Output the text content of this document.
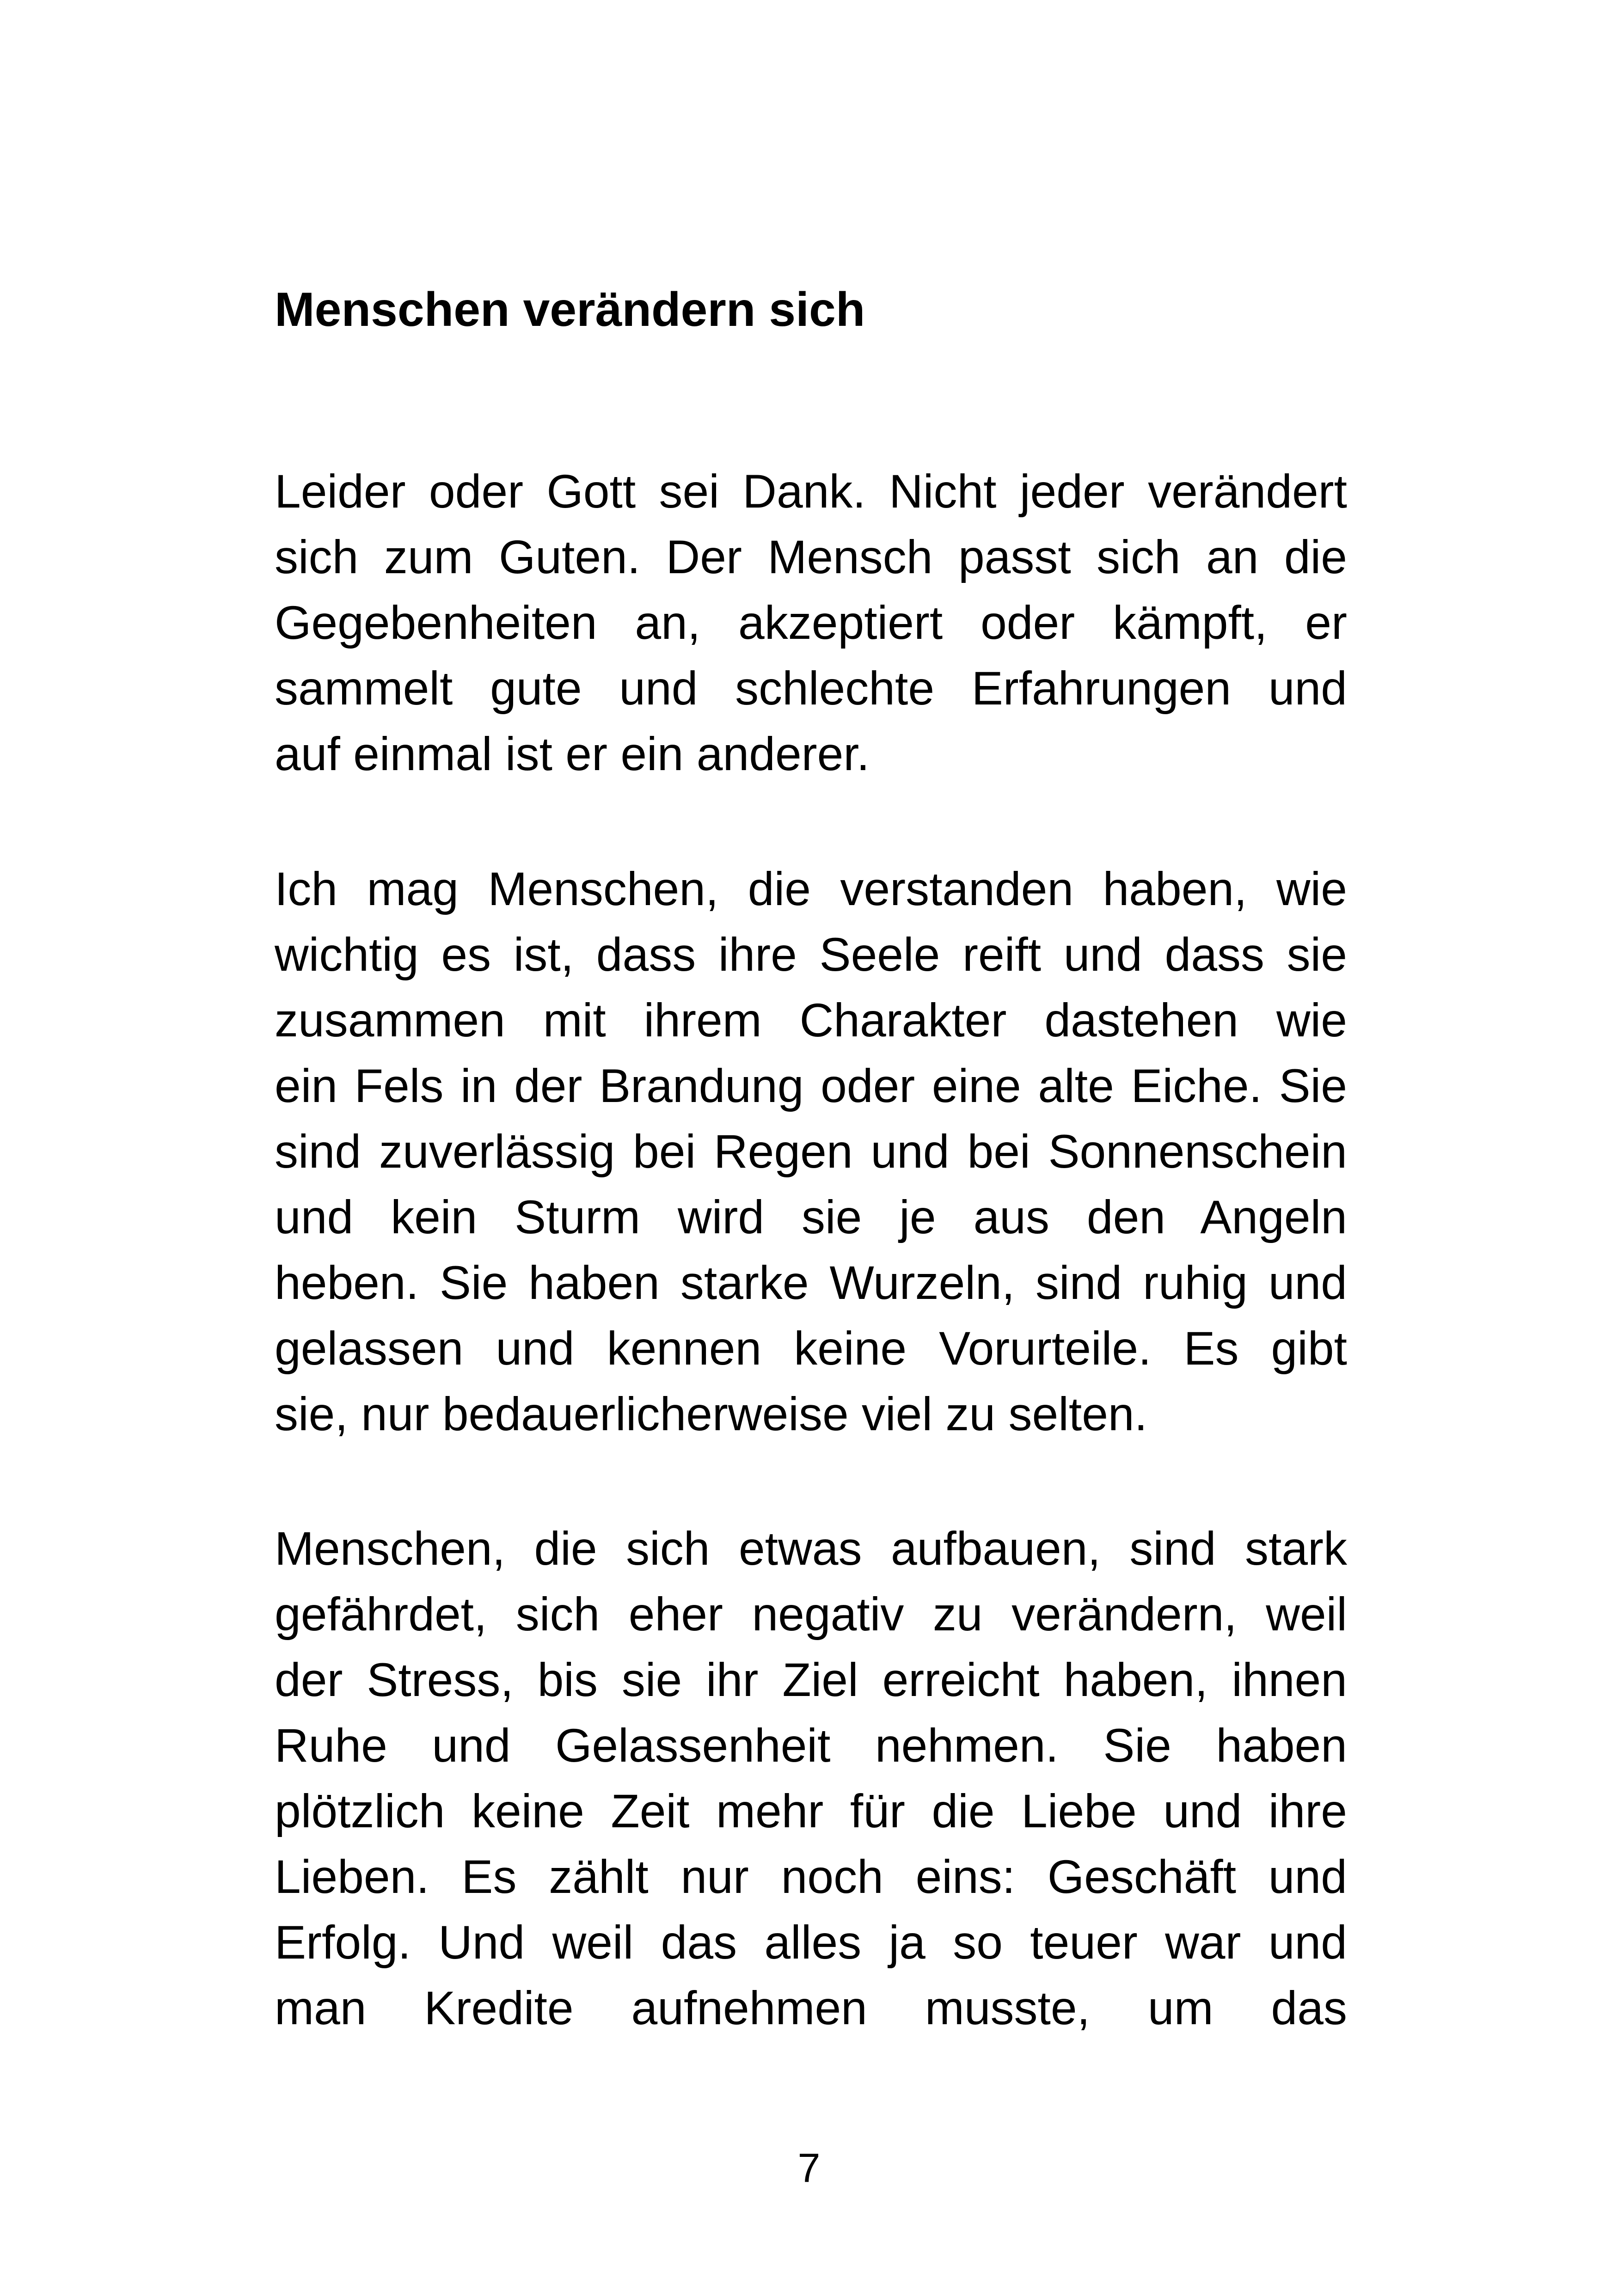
Menschen verändern sich
Leider oder Gott sei Dank. Nicht jeder verändert
sich zum Guten. Der Mensch passt sich an die
Gegebenheiten an, akzeptiert oder kämpft, er
sammelt gute und schlechte Erfahrungen und
auf einmal ist er ein anderer.
Ich mag Menschen, die verstanden haben, wie
wichtig es ist, dass ihre Seele reift und dass sie
zusammen mit ihrem Charakter dastehen wie
ein Fels in der Brandung oder eine alte Eiche. Sie
sind zuverlässig bei Regen und bei Sonnenschein
und kein Sturm wird sie je aus den Angeln
heben. Sie haben starke Wurzeln, sind ruhig und
gelassen und kennen keine Vorurteile. Es gibt
sie, nur bedauerlicherweise viel zu selten.
Menschen, die sich etwas aufbauen, sind stark
gefährdet, sich eher negativ zu verändern, weil
der Stress, bis sie ihr Ziel erreicht haben, ihnen
Ruhe und Gelassenheit nehmen. Sie haben
plötzlich keine Zeit mehr für die Liebe und ihre
Lieben. Es zählt nur noch eins: Geschäft und
Erfolg. Und weil das alles ja so teuer war und
man Kredite aufnehmen musste, um das
7
